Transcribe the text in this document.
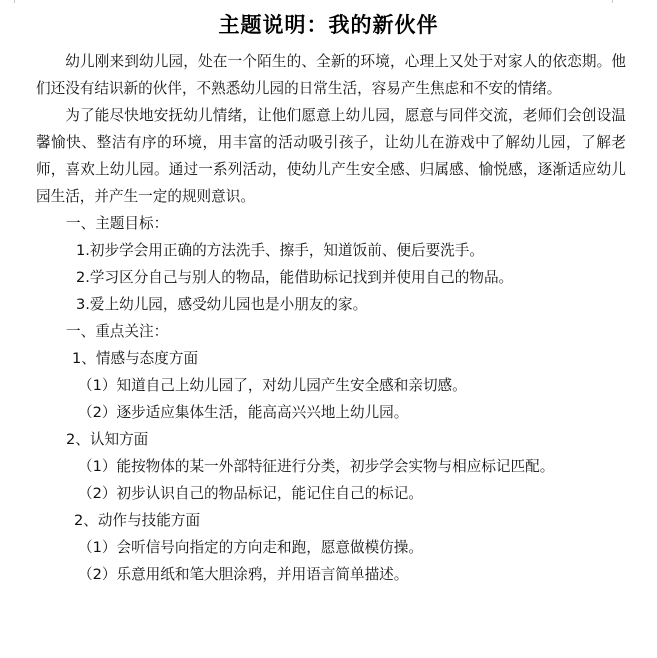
主题说明：我的新伙伴

幼儿刚来到幼儿园，处在一个陌生的、全新的环境，心理上又处于对家人的依恋期。他们还没有结识新的伙伴，不熟悉幼儿园的日常生活，容易产生焦虑和不安的情绪。

为了能尽快地安抚幼儿情绪，让他们愿意上幼儿园，愿意与同伴交流，老师们会创设温馨愉快、整洁有序的环境，用丰富的活动吸引孩子，让幼儿在游戏中了解幼儿园，了解老师，喜欢上幼儿园。通过一系列活动，使幼儿产生安全感、归属感、愉悦感，逐渐适应幼儿园生活，并产生一定的规则意识。

一、主题目标：

1.初步学会用正确的方法洗手、擦手，知道饭前、便后要洗手。

2.学习区分自己与别人的物品，能借助标记找到并使用自己的物品。

3.爱上幼儿园，感受幼儿园也是小朋友的家。

一、重点关注：

1、情感与态度方面

（1）知道自己上幼儿园了，对幼儿园产生安全感和亲切感。

（2）逐步适应集体生活，能高高兴兴地上幼儿园。

2、认知方面

（1）能按物体的某一外部特征进行分类，初步学会实物与相应标记匹配。

（2）初步认识自己的物品标记，能记住自己的标记。

2、动作与技能方面

（1）会听信号向指定的方向走和跑，愿意做模仿操。

（2）乐意用纸和笔大胆涂鸦，并用语言简单描述。
